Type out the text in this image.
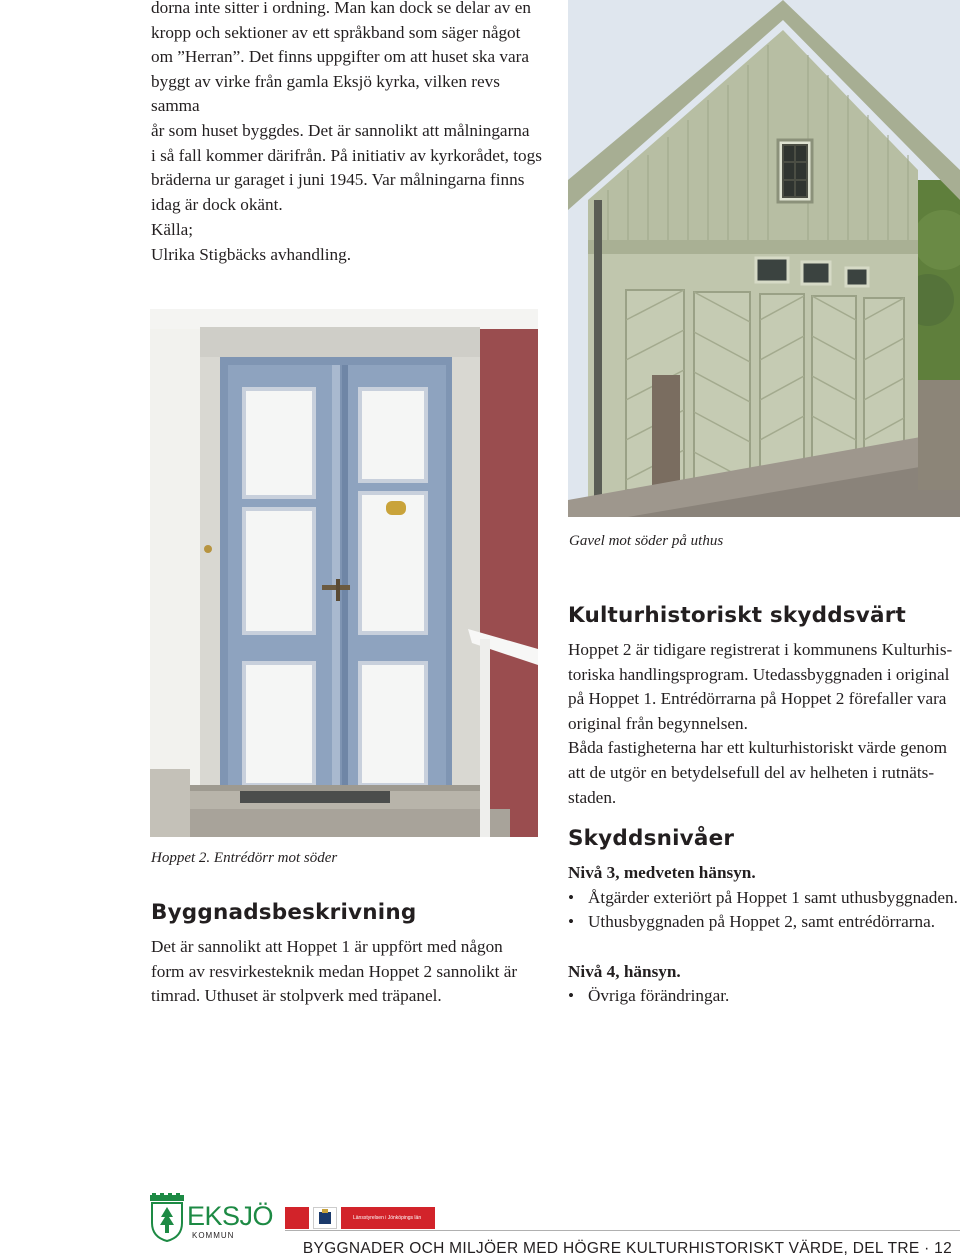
dorna inte sitter i ordning. Man kan dock se delar av en

kropp och sektioner av ett språkband som säger något

om ”Herran”. Det finns uppgifter om att huset ska vara

byggt av virke från gamla Eksjö kyrka, vilken revs samma

år som huset byggdes. Det är sannolikt att målningarna

i så fall kommer därifrån. På initiativ av kyrkorådet, togs

bräderna ur garaget i juni 1945. Var målningarna finns

idag är dock okänt.

Källa;

Ulrika Stigbäcks avhandling.

Gavel mot söder på uthus
Hoppet 2. Entrédörr mot söder
Kulturhistoriskt skyddsvärt

Hoppet 2 är tidigare registrerat i kommunens Kulturhis-

toriska handlingsprogram. Utedassbyggnaden i original

på Hoppet 1. Entrédörrarna på Hoppet 2 förefaller vara

original från begynnelsen.

Båda fastigheterna har ett kulturhistoriskt värde genom

att de utgör en betydelsefull del av helheten i rutnäts-

staden.

Skyddsnivåer
Nivå 3, medveten hänsyn.
• Åtgärder exteriört på Hoppet 1 samt uthusbyggnaden.
• Uthusbyggnaden på Hoppet 2, samt entrédörrarna.
Nivå 4, hänsyn.
• Övriga förändringar.
Byggnadsbeskrivning

Det är sannolikt att Hoppet 1 är uppfört med någon

form av resvirkesteknik medan Hoppet 2 sannolikt är

timrad. Uthuset är stolpverk med träpanel.

EKSJÖ
KOMMUN
Länsstyrelsen i Jönköpings län
BYGGNADER OCH MILJÖER MED HÖGRE KULTURHISTORISKT VÄRDE, DEL TRE · 12
